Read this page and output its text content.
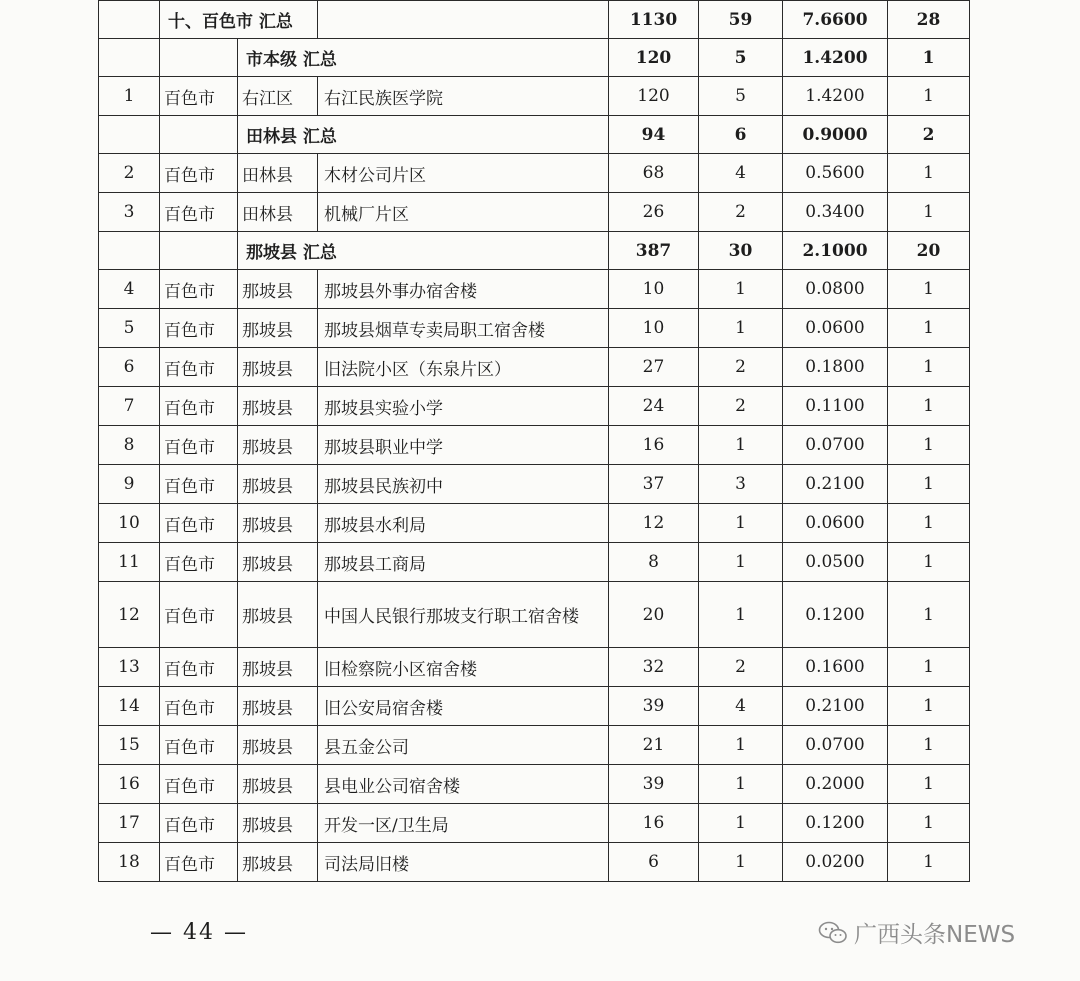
	十、百色市 汇总			1130	59	7.6600	28
		市本级 汇总		120	5	1.4200	1
1	百色市	右江区	右江民族医学院	120	5	1.4200	1
		田林县 汇总		94	6	0.9000	2
2	百色市	田林县	木材公司片区	68	4	0.5600	1
3	百色市	田林县	机械厂片区	26	2	0.3400	1
		那坡县 汇总		387	30	2.1000	20
4	百色市	那坡县	那坡县外事办宿舍楼	10	1	0.0800	1
5	百色市	那坡县	那坡县烟草专卖局职工宿舍楼	10	1	0.0600	1
6	百色市	那坡县	旧法院小区（东泉片区）	27	2	0.1800	1
7	百色市	那坡县	那坡县实验小学	24	2	0.1100	1
8	百色市	那坡县	那坡县职业中学	16	1	0.0700	1
9	百色市	那坡县	那坡县民族初中	37	3	0.2100	1
10	百色市	那坡县	那坡县水利局	12	1	0.0600	1
11	百色市	那坡县	那坡县工商局	8	1	0.0500	1
12	百色市	那坡县	中国人民银行那坡支行职工宿舍楼	20	1	0.1200	1
13	百色市	那坡县	旧检察院小区宿舍楼	32	2	0.1600	1
14	百色市	那坡县	旧公安局宿舍楼	39	4	0.2100	1
15	百色市	那坡县	县五金公司	21	1	0.0700	1
16	百色市	那坡县	县电业公司宿舍楼	39	1	0.2000	1
17	百色市	那坡县	开发一区/卫生局	16	1	0.1200	1
18	百色市	那坡县	司法局旧楼	6	1	0.0200	1
— 44 —	广西头条NEWS
